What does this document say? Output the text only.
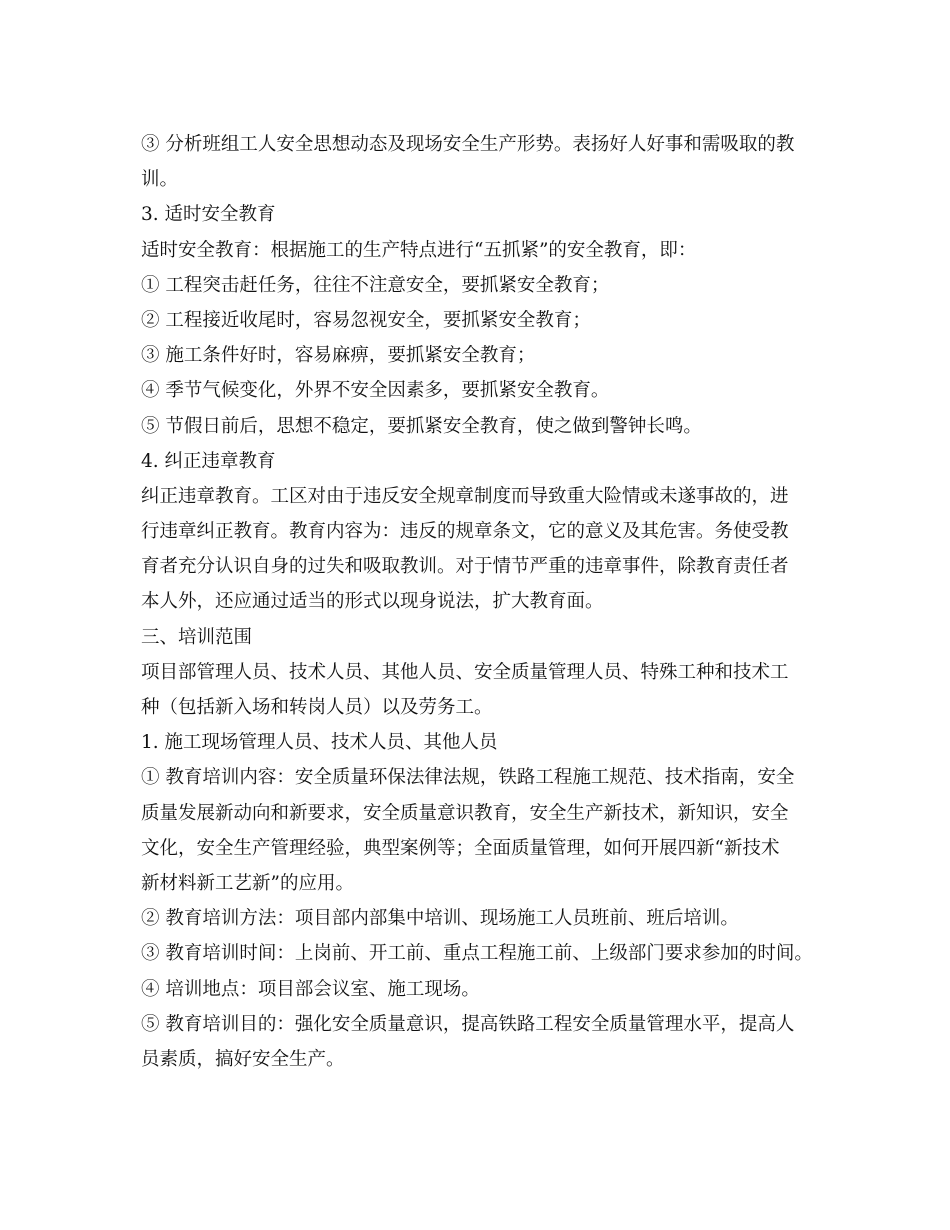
③ 分析班组工人安全思想动态及现场安全生产形势。表扬好人好事和需吸取的教
训。
3. 适时安全教育
适时安全教育：根据施工的生产特点进行“五抓紧”的安全教育，即：
① 工程突击赶任务，往往不注意安全，要抓紧安全教育；
② 工程接近收尾时，容易忽视安全，要抓紧安全教育；
③ 施工条件好时，容易麻痹，要抓紧安全教育；
④ 季节气候变化，外界不安全因素多，要抓紧安全教育。
⑤ 节假日前后，思想不稳定，要抓紧安全教育，使之做到警钟长鸣。
4. 纠正违章教育
纠正违章教育。工区对由于违反安全规章制度而导致重大险情或未遂事故的，进
行违章纠正教育。教育内容为：违反的规章条文，它的意义及其危害。务使受教
育者充分认识自身的过失和吸取教训。对于情节严重的违章事件，除教育责任者
本人外，还应通过适当的形式以现身说法，扩大教育面。
三、培训范围
项目部管理人员、技术人员、其他人员、安全质量管理人员、特殊工种和技术工
种（包括新入场和转岗人员）以及劳务工。
1. 施工现场管理人员、技术人员、其他人员
① 教育培训内容：安全质量环保法律法规，铁路工程施工规范、技术指南，安全
质量发展新动向和新要求，安全质量意识教育，安全生产新技术，新知识，安全
文化，安全生产管理经验，典型案例等；全面质量管理，如何开展四新“新技术
新材料新工艺新”的应用。
② 教育培训方法：项目部内部集中培训、现场施工人员班前、班后培训。
③ 教育培训时间：上岗前、开工前、重点工程施工前、上级部门要求参加的时间。
④ 培训地点：项目部会议室、施工现场。
⑤ 教育培训目的：强化安全质量意识，提高铁路工程安全质量管理水平，提高人
员素质，搞好安全生产。
